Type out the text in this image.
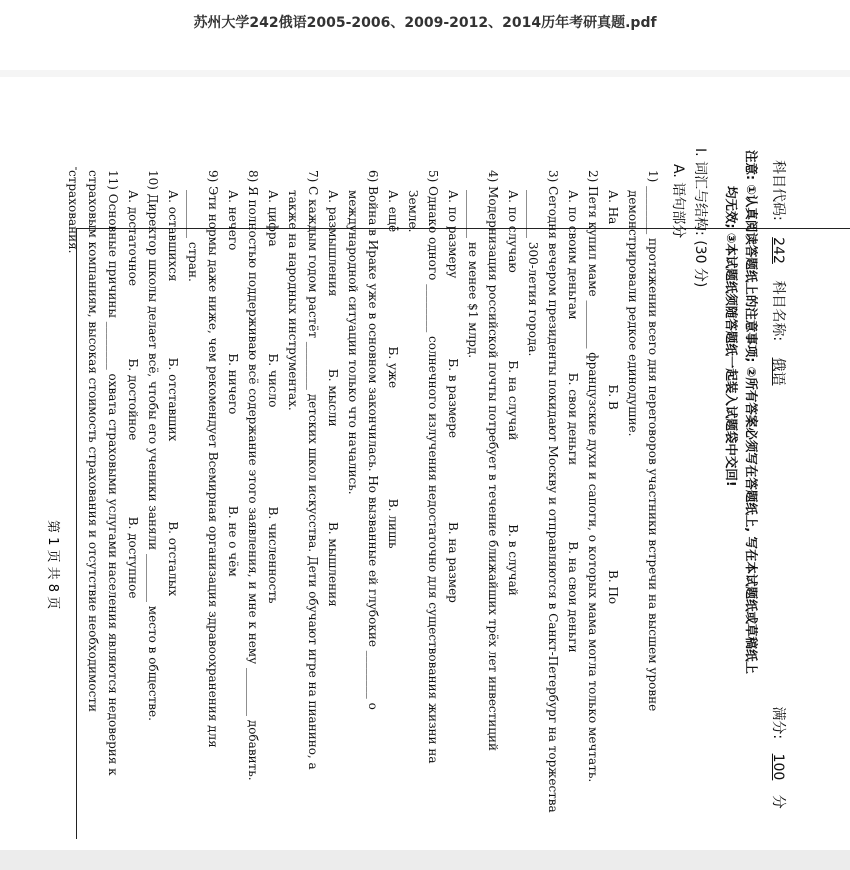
苏州大学242俄语2005-2006、2009-2012、2014历年考研真题.pdf
科目代码: 242 科目名称: 俄语  满分: 100 分
注意: ①认真阅读答题纸上的注意事项; ②所有答案必须写在答题纸上, 写在本试题纸或草稿纸上
均无效; ③本试题纸须随答题纸一起装入试题袋中交回!
I. 词汇与结构: (30 分)
A. 语句部分
1) ________ протяжении всего дня переговоров участники встречи на высшем уровне
демонстрировали редкое единодушие.
А. На                                          Б. В                                          В. По
2) Петя купил маме ________ французские духи и сапоги, о которых мама могла только мечтать.
А. по своим деньгам              Б. свои деньги                    В. на свои деньги
3) Сегодня вечером президенты покидают Москву и отправляются в Санкт-Петербург на торжества
________ 300-летия города.
А. по случаю                       Б. на случай                      В. в случай
4) Модернизация российской почты потребует в течение ближайших трёх лет инвестиций
________ не менее $1 млрд.
А. по размеру                     Б. в размере                      В. на размер
5) Однако одного ________ солнечного излучения недостаточно для существования жизни на
Земле.
А. ещё                              Б. уже                             В. лишь
6) Война в Ираке уже в основном закончилась. Но вызванные ей глубокие ________ о
международной ситуации только что начались.
А. размышления                   Б. мысли                         В. мышления
7) С каждым годом растёт ________ детских школ искусства. Дети обучают игре на пианино, а
также на народных инструментах.
А. цифра                            Б. число                          В. численность
8) Я полностью поддерживаю всё содержание этого заявления, и мне к нему ________ добавить.
А. нечего                           Б. ничего                        В. не о чём
9) Эти нормы даже ниже, чем рекомендует Всемирная организация здравоохранения для
________ стран.
А. оставшихся                    Б. отставших                     В. отсталых
10) Директор школы делает всё, чтобы его ученики заняли ________ место в обществе.
А. достаточное                   Б. достойное                    В. доступное
11) Основные причины ________ охвата страховыми услугами населения являются недоверия к
страховым компаниям, высокая стоимость страхования и отсутствие необходимости
страхования.
第 1 页 共 8 页
